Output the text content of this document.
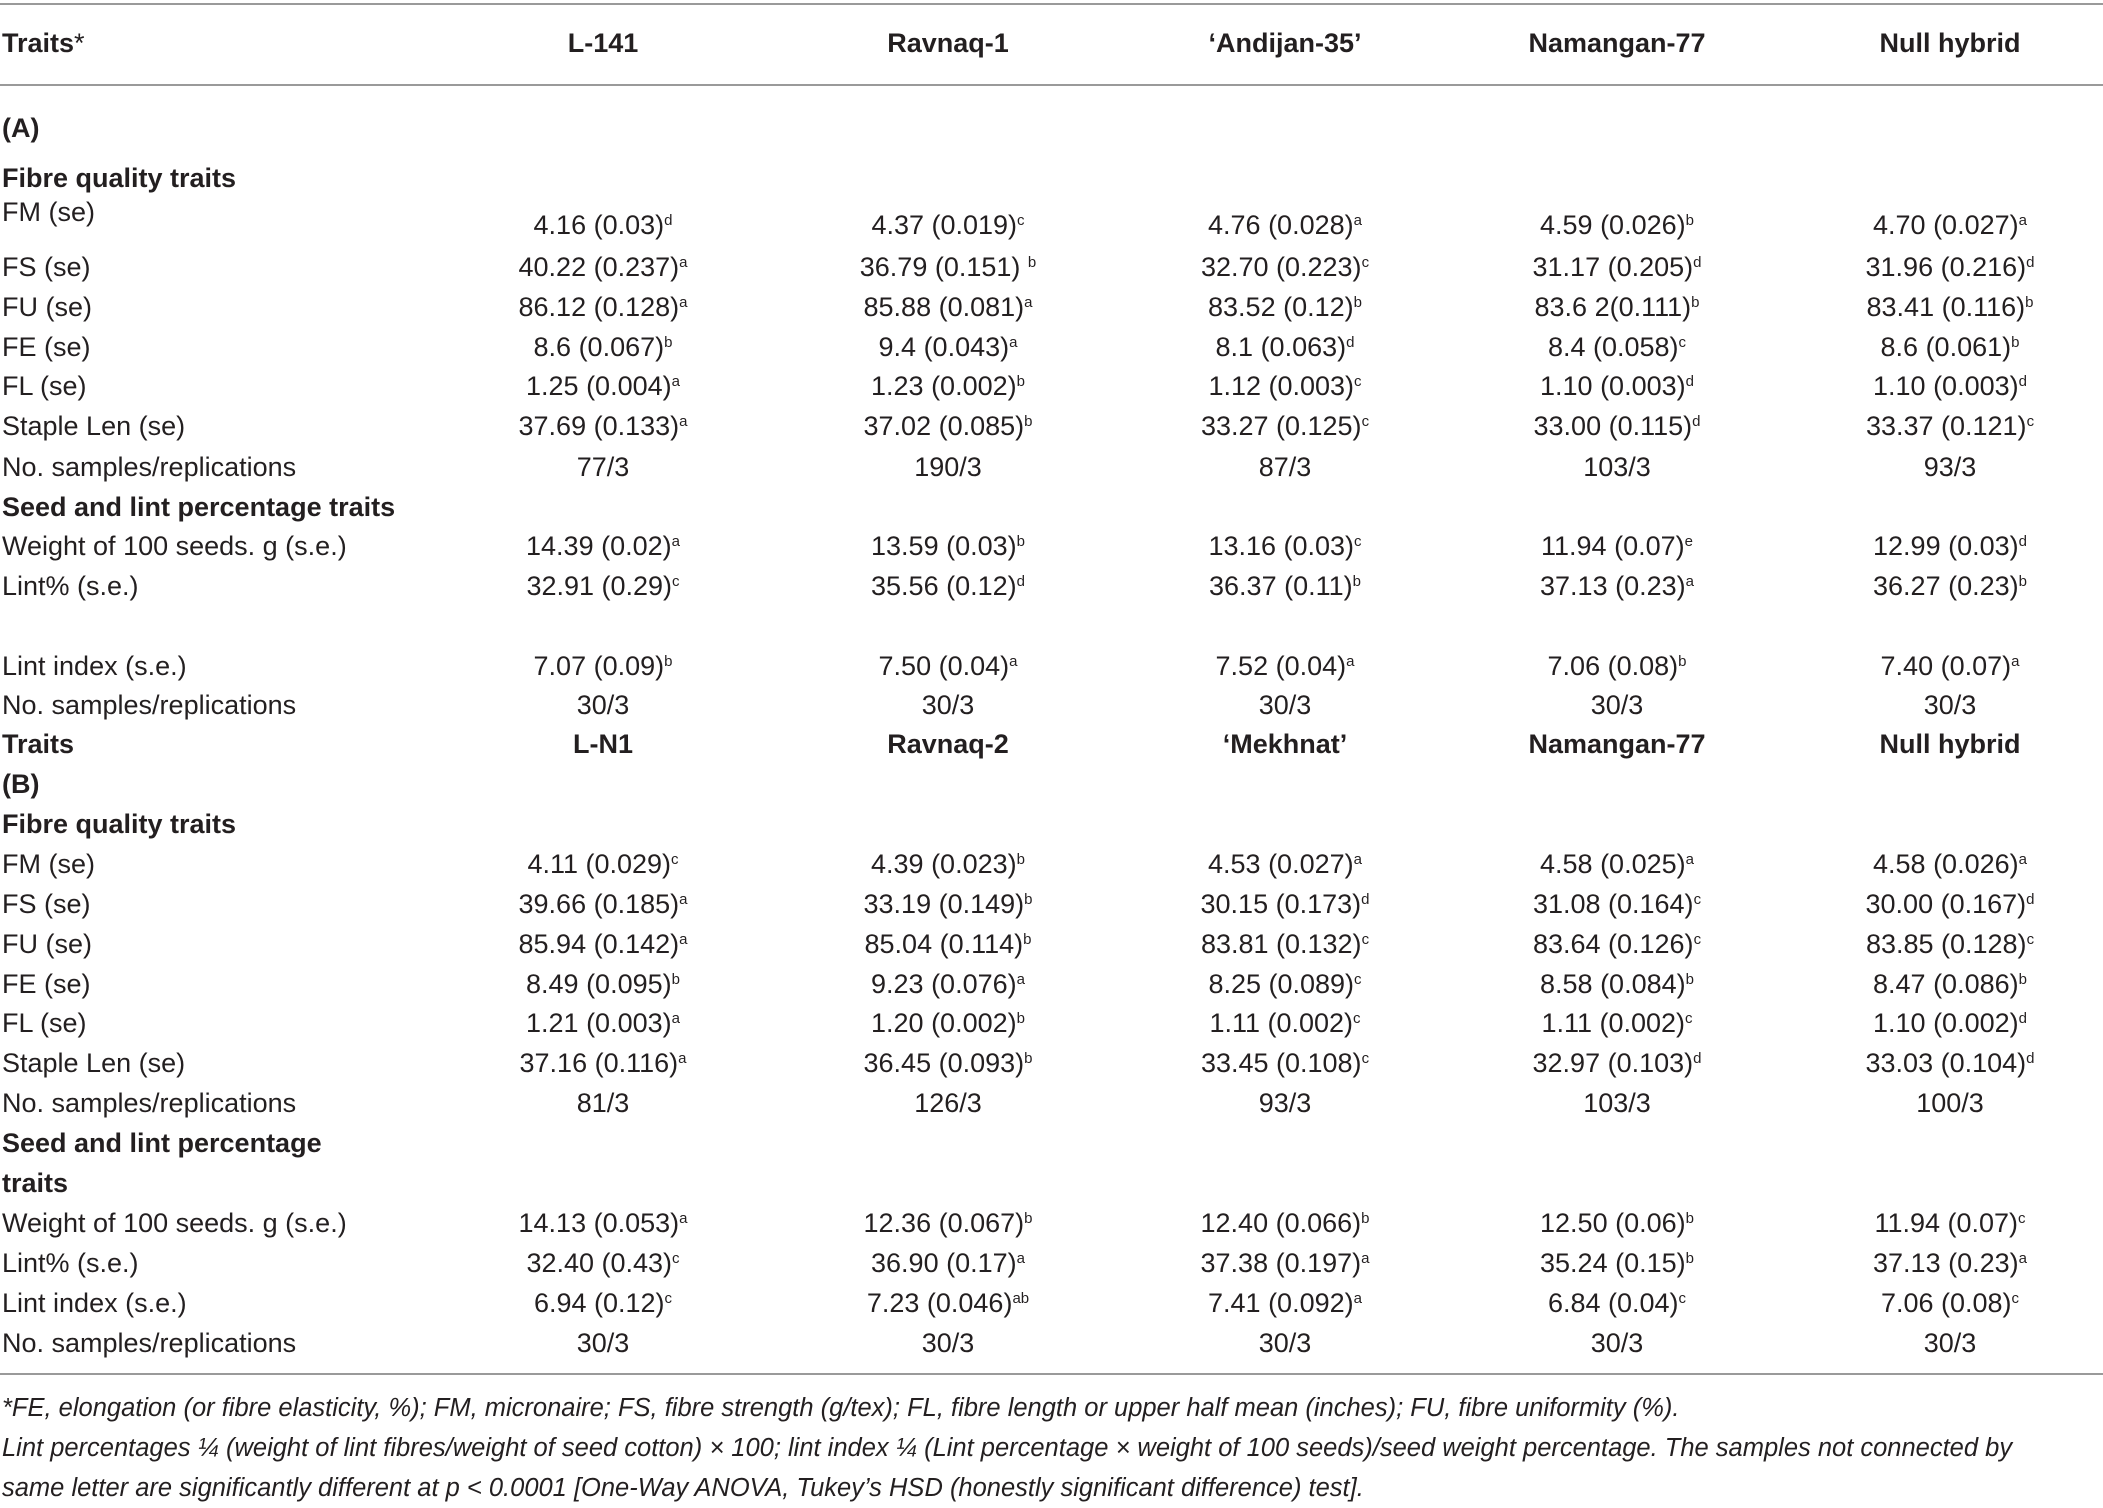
Traits*	L-141	Ravnaq-1	‘Andijan-35’	Namangan-77	Null hybrid
(A)
Fibre quality traits
FM (se)	4.16 $(0.03)^d$	4.37 $(0.019)^c$	4.76 $(0.028)^a$	4.59 $(0.026)^b$	4.70 $(0.027)^a$
FS (se)	40.22 $(0.237)^a$	36.79 (0.151) $^b$	32.70 $(0.223)^c$	31.17 $(0.205)^d$	31.96 $(0.216)^d$
FU (se)	86.12 $(0.128)^a$	85.88 $(0.081)^a$	83.52 $(0.12)^b$	83.6 $2(0.111)^b$	83.41 $(0.116)^b$
FE (se)	8.6 $(0.067)^b$	9.4 $(0.043)^a$	8.1 $(0.063)^d$	8.4 $(0.058)^c$	8.6 $(0.061)^b$
FL (se)	1.25 $(0.004)^a$	1.23 $(0.002)^b$	1.12 $(0.003)^c$	1.10 $(0.003)^d$	1.10 $(0.003)^d$
Staple Len (se)	37.69 $(0.133)^a$	37.02 $(0.085)^b$	33.27 $(0.125)^c$	33.00 $(0.115)^d$	33.37 $(0.121)^c$
No. samples/replications	77/3	190/3	87/3	103/3	93/3
Seed and lint percentage traits
Weight of 100 seeds. g (s.e.)	14.39 $(0.02)^a$	13.59 $(0.03)^b$	13.16 $(0.03)^c$	11.94 $(0.07)^e$	12.99 $(0.03)^d$
Lint% (s.e.)	32.91 $(0.29)^c$	35.56 $(0.12)^d$	36.37 $(0.11)^b$	37.13 $(0.23)^a$	36.27 $(0.23)^b$
Lint index (s.e.)	7.07 $(0.09)^b$	7.50 $(0.04)^a$	7.52 $(0.04)^a$	7.06 $(0.08)^b$	7.40 $(0.07)^a$
No. samples/replications	30/3	30/3	30/3	30/3	30/3
Traits	L-N1	Ravnaq-2	‘Mekhnat’	Namangan-77	Null hybrid
(B)
Fibre quality traits
FM (se)	4.11 $(0.029)^c$	4.39 $(0.023)^b$	4.53 $(0.027)^a$	4.58 $(0.025)^a$	4.58 $(0.026)^a$
FS (se)	39.66 $(0.185)^a$	33.19 $(0.149)^b$	30.15 $(0.173)^d$	31.08 $(0.164)^c$	30.00 $(0.167)^d$
FU (se)	85.94 $(0.142)^a$	85.04 $(0.114)^b$	83.81 $(0.132)^c$	83.64 $(0.126)^c$	83.85 $(0.128)^c$
FE (se)	8.49 $(0.095)^b$	9.23 $(0.076)^a$	8.25 $(0.089)^c$	8.58 $(0.084)^b$	8.47 $(0.086)^b$
FL (se)	1.21 $(0.003)^a$	1.20 $(0.002)^b$	1.11 $(0.002)^c$	1.11 $(0.002)^c$	1.10 $(0.002)^d$
Staple Len (se)	37.16 $(0.116)^a$	36.45 $(0.093)^b$	33.45 $(0.108)^c$	32.97 $(0.103)^d$	33.03 $(0.104)^d$
No. samples/replications	81/3	126/3	93/3	103/3	100/3
Seed and lint percentage
traits
Weight of 100 seeds. g (s.e.)	14.13 $(0.053)^a$	12.36 $(0.067)^b$	12.40 $(0.066)^b$	12.50 $(0.06)^b$	11.94 $(0.07)^c$
Lint% (s.e.)	32.40 $(0.43)^c$	36.90 $(0.17)^a$	37.38 $(0.197)^a$	35.24 $(0.15)^b$	37.13 $(0.23)^a$
Lint index (s.e.)	6.94 $(0.12)^c$	7.23 $(0.046)^{ab}$	7.41 $(0.092)^a$	6.84 $(0.04)^c$	7.06 $(0.08)^c$
No. samples/replications	30/3	30/3	30/3	30/3	30/3
*FE, elongation (or fibre elasticity, %); FM, micronaire; FS, fibre strength (g/tex); FL, fibre length or upper half mean (inches); FU, fibre uniformity (%).
Lint percentages ¼ (weight of lint fibres/weight of seed cotton) × 100; lint index ¼ (Lint percentage × weight of 100 seeds)/seed weight percentage. The samples not connected by
same letter are significantly different at p < 0.0001 [One-Way ANOVA, Tukey’s HSD (honestly significant difference) test].
